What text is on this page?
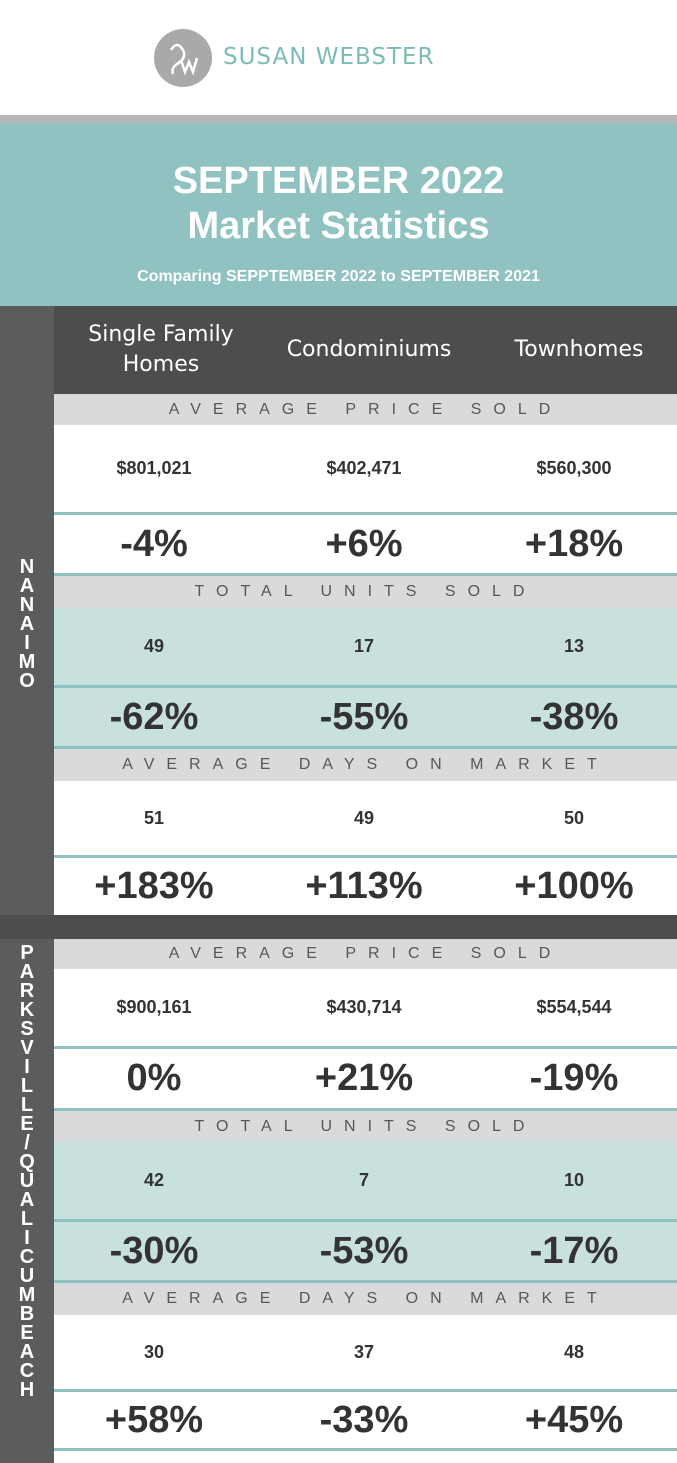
SUSAN WEBSTER
SEPTEMBER 2022
Market Statistics
Comparing SEPPTEMBER 2022 to SEPTEMBER 2021
N
A
N
A
I
M
O
P
A
R
K
S
V
I
L
L
E
/
Q
U
A
L
I
C
U
M
B
E
A
C
H
Single Family
Homes
Condominiums	Townhomes
AVERAGE PRICE SOLD
$801,021	$402,471	$560,300
-4%	+6%	+18%
TOTAL UNITS SOLD
49	17	13
-62%	-55%	-38%
AVERAGE DAYS ON MARKET
51	49	50
+183%	+113%	+100%
AVERAGE PRICE SOLD
$900,161	$430,714	$554,544
0%	+21%	-19%
TOTAL UNITS SOLD
42	7	10
-30%	-53%	-17%
AVERAGE DAYS ON MARKET
30	37	48
+58%	-33%	+45%
